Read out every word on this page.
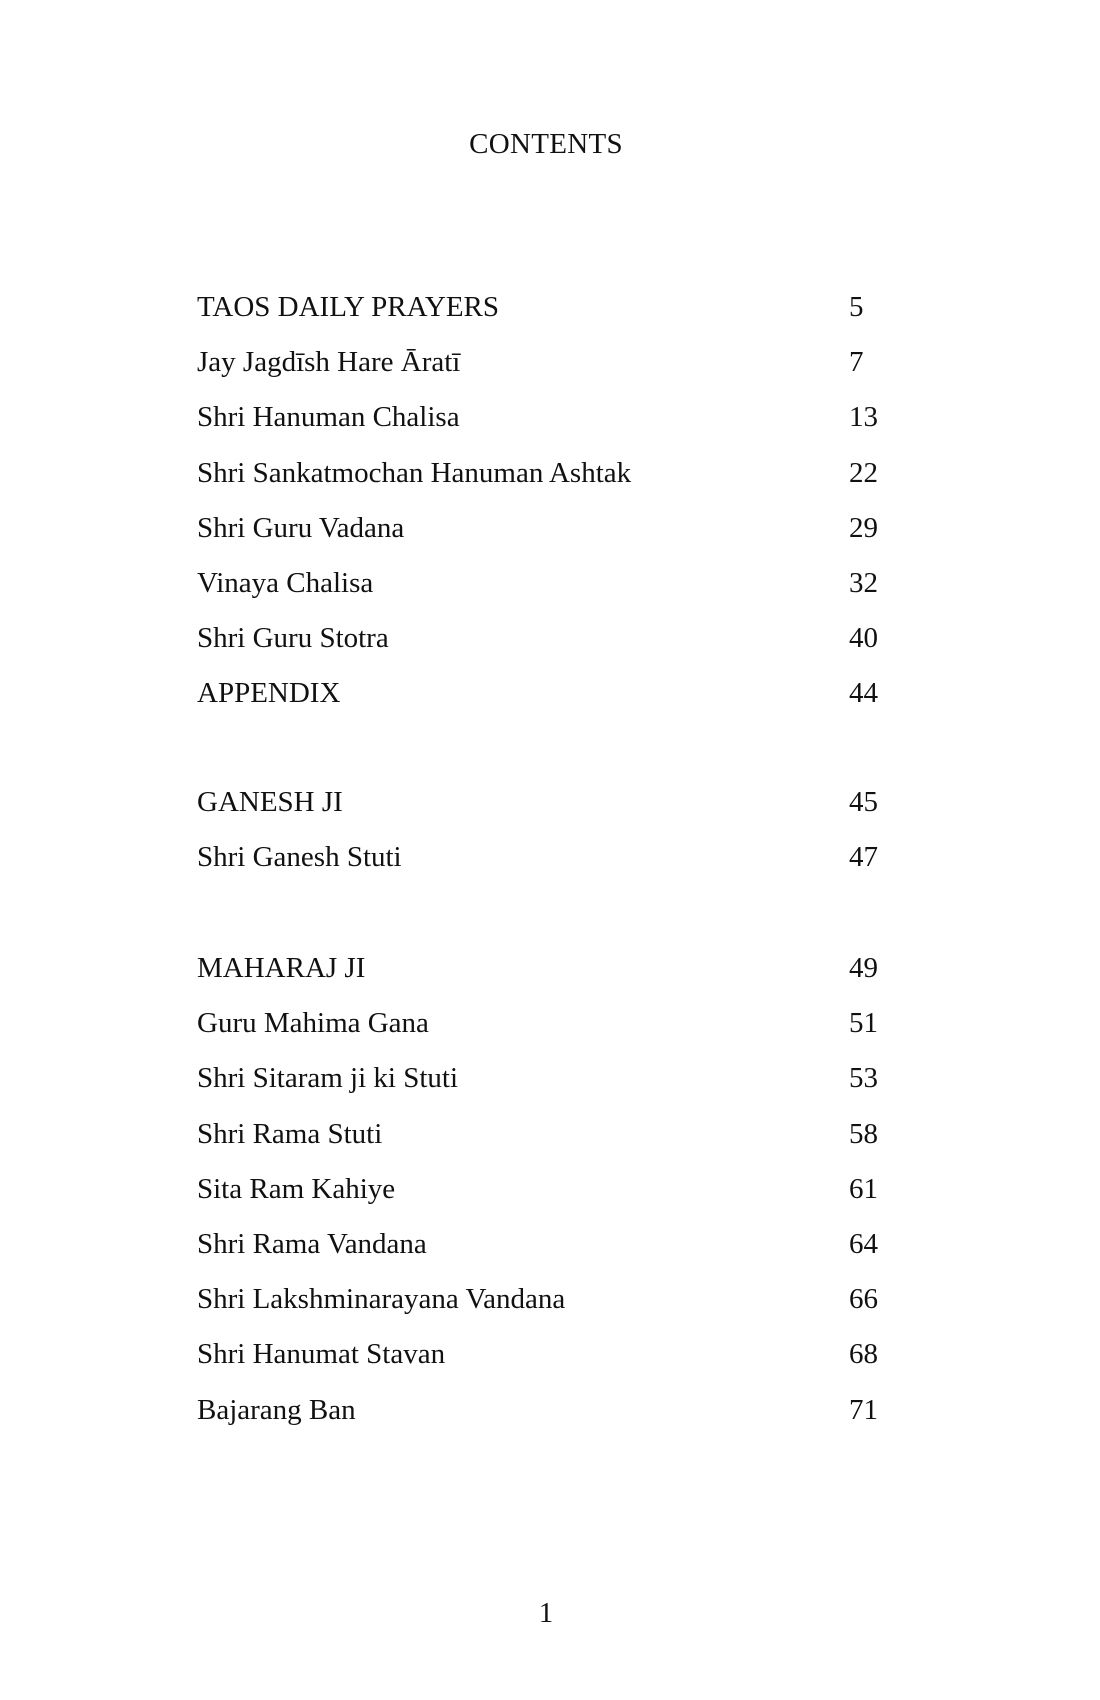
CONTENTS
TAOS DAILY PRAYERS	5
Jay Jagdīsh Hare Āratī	7
Shri Hanuman Chalisa	13
Shri Sankatmochan Hanuman Ashtak	22
Shri Guru Vadana	29
Vinaya Chalisa	32
Shri Guru Stotra	40
APPENDIX	44
GANESH JI	45
Shri Ganesh Stuti	47
MAHARAJ JI	49
Guru Mahima Gana	51
Shri Sitaram ji ki Stuti	53
Shri Rama Stuti	58
Sita Ram Kahiye	61
Shri Rama Vandana	64
Shri Lakshminarayana Vandana	66
Shri Hanumat Stavan	68
Bajarang Ban	71
1
